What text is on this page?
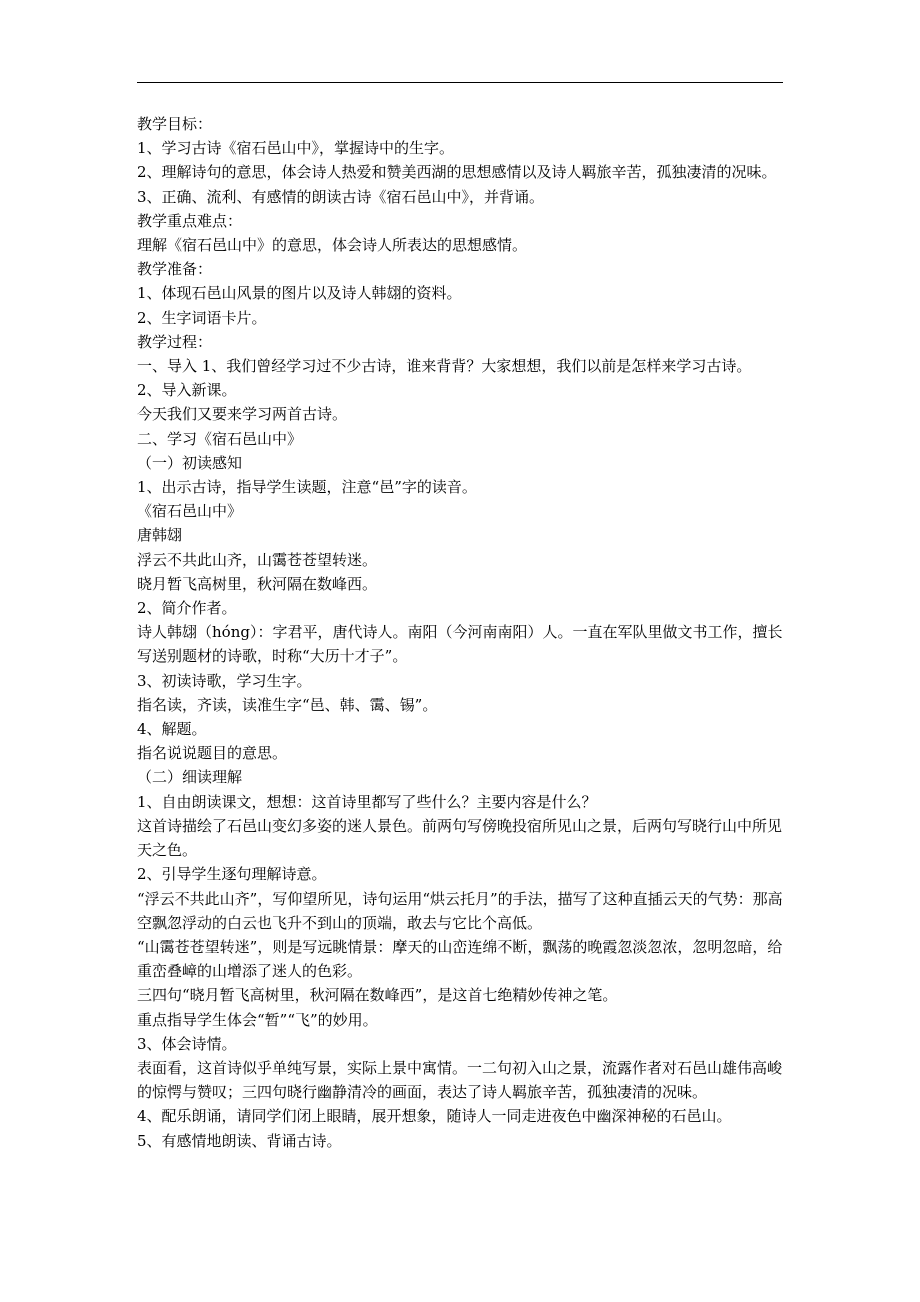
教学目标：

1、学习古诗《宿石邑山中》，掌握诗中的生字。

2、理解诗句的意思，体会诗人热爱和赞美西湖的思想感情以及诗人羁旅辛苦，孤独凄清的况味。

3、正确、流利、有感情的朗读古诗《宿石邑山中》，并背诵。

教学重点难点：

理解《宿石邑山中》的意思，体会诗人所表达的思想感情。

教学准备：

1、体现石邑山风景的图片以及诗人韩翃的资料。

2、生字词语卡片。

教学过程：

一、导入 1、我们曾经学习过不少古诗，谁来背背？大家想想，我们以前是怎样来学习古诗。

2、导入新课。

今天我们又要来学习两首古诗。

二、学习《宿石邑山中》

（一）初读感知

1、出示古诗，指导学生读题，注意“邑”字的读音。

《宿石邑山中》

唐韩翃

浮云不共此山齐，山霭苍苍望转迷。

晓月暂飞高树里，秋河隔在数峰西。

2、简介作者。

诗人韩翃（hóng）：字君平，唐代诗人。南阳（今河南南阳）人。一直在军队里做文书工作，擅长写送别题材的诗歌，时称“大历十才子”。

3、初读诗歌，学习生字。

指名读，齐读，读准生字“邑、韩、霭、锡”。

4、解题。

指名说说题目的意思。

（二）细读理解

1、自由朗读课文，想想：这首诗里都写了些什么？主要内容是什么？

这首诗描绘了石邑山变幻多姿的迷人景色。前两句写傍晚投宿所见山之景，后两句写晓行山中所见天之色。

2、引导学生逐句理解诗意。

“浮云不共此山齐”，写仰望所见，诗句运用“烘云托月”的手法，描写了这种直插云天的气势：那高空飘忽浮动的白云也飞升不到山的顶端，敢去与它比个高低。

“山霭苍苍望转迷”，则是写远眺情景：摩天的山峦连绵不断，飘荡的晚霞忽淡忽浓，忽明忽暗，给重峦叠嶂的山增添了迷人的色彩。

三四句“晓月暂飞高树里，秋河隔在数峰西”，是这首七绝精妙传神之笔。

重点指导学生体会“暂”“飞”的妙用。

3、体会诗情。

表面看，这首诗似乎单纯写景，实际上景中寓情。一二句初入山之景，流露作者对石邑山雄伟高峻的惊愕与赞叹；三四句晓行幽静清冷的画面，表达了诗人羁旅辛苦，孤独凄清的况味。

4、配乐朗诵，请同学们闭上眼睛，展开想象，随诗人一同走进夜色中幽深神秘的石邑山。

5、有感情地朗读、背诵古诗。
